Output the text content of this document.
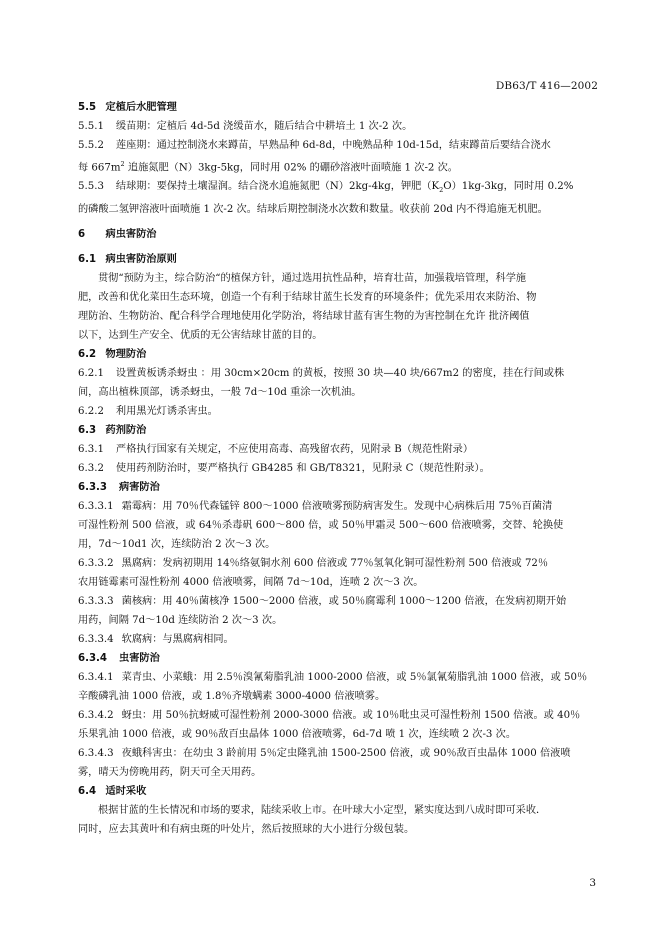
DB63/T 416—2002
5.5 定植后水肥管理
5.5.1 缓苗期：定植后 4d-5d 浇缓苗水，随后结合中耕培土 1 次-2 次。
5.5.2 莲座期：通过控制浇水来蹲苗，早熟品种 6d-8d，中晚熟品种 10d-15d，结束蹲苗后要结合浇水
每 $667m^2$ 追施氮肥（N）3kg-5kg，同时用 02% 的硼砂溶液叶面喷施 1 次-2 次。
5.5.3 结球期：要保持土壤湿润。结合浇水追施氮肥（N）2kg-4kg，钾肥$(K_2O)1kg-3kg$，同时用 0.2%
的磷酸二氢钾溶液叶面喷施 1 次-2 次。结球后期控制浇水次数和数量。收获前 20d 内不得追施无机肥。
6 病虫害防治
6.1 病虫害防治原则
贯彻“预防为主，综合防治“的植保方针，通过选用抗性品种，培育壮苗，加强栽培管理，科学施
肥，改善和优化菜田生态环境，创造一个有利于结球甘蓝生长发育的环境条件；优先采用农来防治、物
理防治、生物防治、配合科学合理地使用化学防治，将结球甘蓝有害生物的为害控制在允许 批济阈值
以下，达到生产安全、优质的无公害结球甘蓝的目的。
6.2 物理防治
6.2.1 设置黄板诱杀蚜虫 ：用 30cm×20cm 的黄板，按照 30 块—40 块/667m2 的密度，挂在行间或株
间，高出植株顶部，诱杀蚜虫，一般 7d～10d 重涂一次机油。
6.2.2 利用黑光灯诱杀害虫。
6.3 药剂防治
6.3.1 严格执行国家有关规定，不应使用高毒、高残留农药，见附录 B（规范性附录）
6.3.2 使用药剂防治时，要严格执行 GB4285 和 GB/T8321，见附录 C（规范性附录）。
6.3.3 病害防治
6.3.3.1 霜霉病：用 70％代森锰锌 800～1000 倍液喷雾预防病害发生。发现中心病株后用 75％百菌清
可湿性粉剂 500 倍液，或 64％杀毒矾 600～800 倍，或 50％甲霜灵 500～600 倍液喷雾，交替、轮换使
用，7d～10d1 次，连续防治 2 次～3 次。
6.3.3.2 黑腐病：发病初期用 14％络氨铜水剂 600 倍液或 77％氢氧化铜可湿性粉剂 500 倍液或 72％
农用链霉素可湿性粉剂 4000 倍液喷雾，间隔 7d～10d，连喷 2 次～3 次。
6.3.3.3 菌核病：用 40％菌核净 1500～2000 倍液，或 50％腐霉利 1000～1200 倍液，在发病初期开始
用药，间隔 7d～10d 连续防治 2 次～3 次。
6.3.3.4 软腐病：与黑腐病相同。
6.3.4 虫害防治
6.3.4.1 菜青虫、小菜蛾：用 2.5％溴氰菊脂乳油 1000-2000 倍液，或 5％氯氰菊脂乳油 1000 倍液，或 50％
辛酸磷乳油 1000 倍液，或 1.8％齐墩螨素 3000-4000 倍液喷雾。
6.3.4.2 蚜虫：用 50％抗蚜威可湿性粉剂 2000-3000 倍液。或 10％吡虫灵可湿性粉剂 1500 倍液。或 40％
乐果乳油 1000 倍液，或 90％敌百虫晶体 1000 倍液喷雾，6d-7d 喷 1 次，连续喷 2 次-3 次。
6.3.4.3 夜蛾科害虫：在幼虫 3 龄前用 5％定虫隆乳油 1500-2500 倍液，或 90％敌百虫晶体 1000 倍液喷
雾，晴天为傍晚用药，阴天可全天用药。
6.4 适时采收
根据甘蓝的生长情况和市场的要求，陆续采收上市。在叶球大小定型，紧实度达到八成时即可采收．
同时，应去其黄叶和有病虫斑的叶处片，然后按照球的大小进行分级包装。
3
